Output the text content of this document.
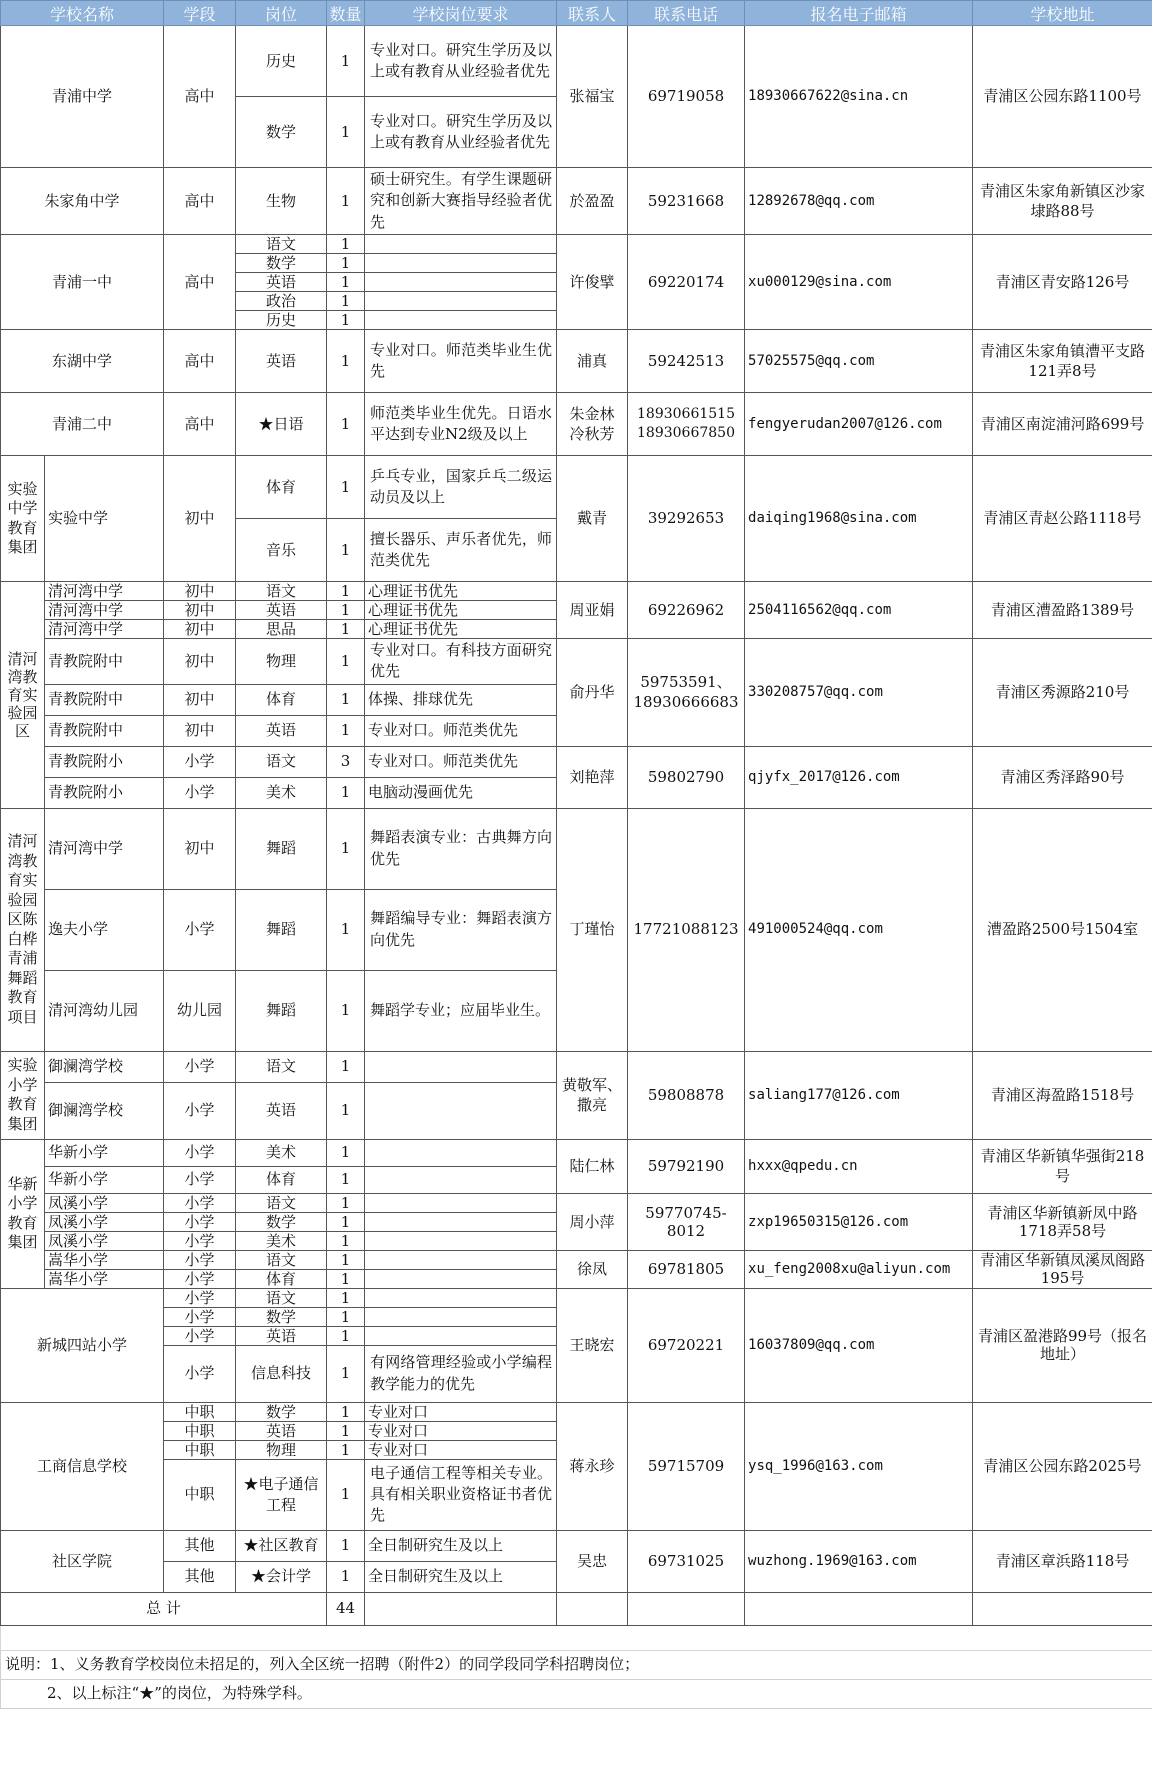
学校名称		学段	岗位	数量	学校岗位要求	联系人	联系电话	报名电子邮箱	学校地址
青浦中学		高中	历史	1	专业对口。研究生学历及以上或有教育从业经验者优先	张福宝	69719058	18930667622@sina.cn	青浦区公园东路1100号
			数学	1	专业对口。研究生学历及以上或有教育从业经验者优先				
朱家角中学		高中	生物	1	硕士研究生。有学生课题研究和创新大赛指导经验者优先	於盈盈	59231668	12892678@qq.com	青浦区朱家角新镇区沙家埭路88号
青浦一中		高中	语文	1		许俊擘	69220174	xu000129@sina.com	青浦区青安路126号
			数学	1					
			英语	1					
			政治	1					
			历史	1					
东湖中学		高中	英语	1	专业对口。师范类毕业生优先	浦真	59242513	57025575@qq.com	青浦区朱家角镇漕平支路121弄8号
青浦二中		高中	★日语	1	师范类毕业生优先。日语水平达到专业N2级及以上	朱金林 冷秋芳	18930661515 18930667850	fengyerudan2007@126.com	青浦区南淀浦河路699号
实验中学教育集团	实验中学	初中	体育	1	乒乓专业，国家乒乓二级运动员及以上	戴青	39292653	daiqing1968@sina.com	青浦区青赵公路1118号
			音乐	1	擅长器乐、声乐者优先，师范类优先				
清河湾教育实验园区	清河湾中学	初中	语文	1	心理证书优先	周亚娟	69226962	2504116562@qq.com	青浦区漕盈路1389号
	清河湾中学	初中	英语	1	心理证书优先				
	清河湾中学	初中	思品	1	心理证书优先				
	青教院附中	初中	物理	1	专业对口。有科技方面研究优先	俞丹华	59753591、18930666683	330208757@qq.com	青浦区秀源路210号
	青教院附中	初中	体育	1	体操、排球优先				
	青教院附中	初中	英语	1	专业对口。师范类优先				
	青教院附小	小学	语文	3	专业对口。师范类优先	刘艳萍	59802790	qjyfx_2017@126.com	青浦区秀泽路90号
	青教院附小	小学	美术	1	电脑动漫画优先				
清河湾教育实验园区陈白桦青浦舞蹈教育项目	清河湾中学	初中	舞蹈	1	舞蹈表演专业：古典舞方向优先	丁瑾怡	17721088123	491000524@qq.com	漕盈路2500号1504室
	逸夫小学	小学	舞蹈	1	舞蹈编导专业：舞蹈表演方向优先				
	清河湾幼儿园	幼儿园	舞蹈	1	舞蹈学专业；应届毕业生。				
实验小学教育集团	御澜湾学校	小学	语文	1		黄敬军、撒亮	59808878	saliang177@126.com	青浦区海盈路1518号
	御澜湾学校	小学	英语	1					
华新小学教育集团	华新小学	小学	美术	1		陆仁林	59792190	hxxx@qpedu.cn	青浦区华新镇华强街218号
	华新小学	小学	体育	1					
	凤溪小学	小学	语文	1		周小萍	59770745-8012	zxp19650315@126.com	青浦区华新镇新凤中路1718弄58号
	凤溪小学	小学	数学	1					
	凤溪小学	小学	美术	1					
	嵩华小学	小学	语文	1		徐凤	69781805	xu_feng2008xu@aliyun.com	青浦区华新镇凤溪凤阁路195号
	嵩华小学	小学	体育	1					
新城四站小学		小学	语文	1		王晓宏	69720221	16037809@qq.com	青浦区盈港路99号（报名地址）
		小学	数学	1					
		小学	英语	1					
		小学	信息科技	1	有网络管理经验或小学编程教学能力的优先				
工商信息学校		中职	数学	1	专业对口	蒋永珍	59715709	ysq_1996@163.com	青浦区公园东路2025号
		中职	英语	1	专业对口				
		中职	物理	1	专业对口				
		中职	★电子通信工程	1	电子通信工程等相关专业。具有相关职业资格证书者优先				
社区学院		其他	★社区教育	1	全日制研究生及以上	吴忠	69731025	wuzhong.1969@163.com	青浦区章浜路118号
		其他	★会计学	1	全日制研究生及以上				
总 计				44					

说明：1、义务教育学校岗位未招足的，列入全区统一招聘（附件2）的同学段同学科招聘岗位；									
2、以上标注“★”的岗位，为特殊学科。									
